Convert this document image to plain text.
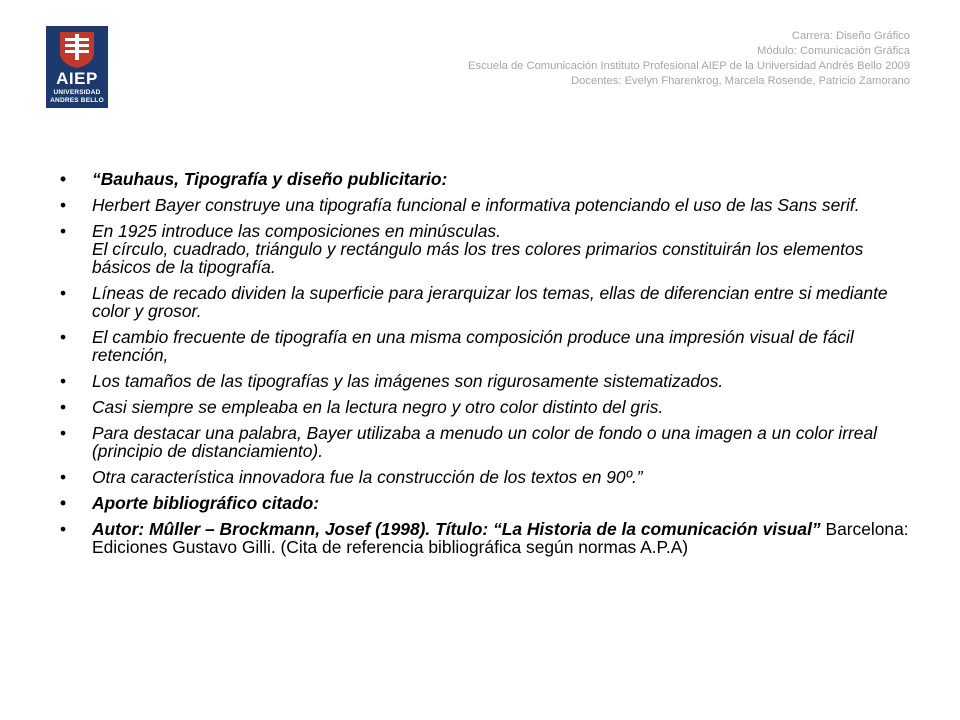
AIEP
UNIVERSIDAD
ANDRES BELLO
Carrera: Diseño Gráfico
Módulo: Comunicación Gráfica
Escuela de Comunicación Instituto Profesional AIEP de la Universidad Andrés Bello 2009
Docentes: Evelyn Fharenkrog, Marcela Rosende, Patricio Zamorano
• “Bauhaus, Tipografía y diseño publicitario:
• Herbert Bayer construye una tipografía funcional e informativa potenciando el uso de las Sans serif.
• En 1925 introduce las composiciones en minúsculas.
El círculo, cuadrado, triángulo y rectángulo más los tres colores primarios constituirán los elementos básicos de la tipografía.
• Líneas de recado dividen la superficie para jerarquizar los temas, ellas de diferencian entre si mediante color y grosor.
• El cambio frecuente de tipografía en una misma composición produce una impresión visual de fácil retención,
• Los tamaños de las tipografías y las imágenes son rigurosamente sistematizados.
• Casi siempre se empleaba en la lectura negro y otro color distinto del gris.
• Para destacar una palabra, Bayer utilizaba a menudo un color de fondo o una imagen a un color irreal (principio de distanciamiento).
• Otra característica innovadora fue la construcción de los textos en 90º.”
• Aporte bibliográfico citado:
• Autor: Mûller – Brockmann, Josef (1998). Título: “La Historia de la comunicación visual” Barcelona: Ediciones Gustavo Gilli. (Cita de referencia bibliográfica según normas A.P.A)
